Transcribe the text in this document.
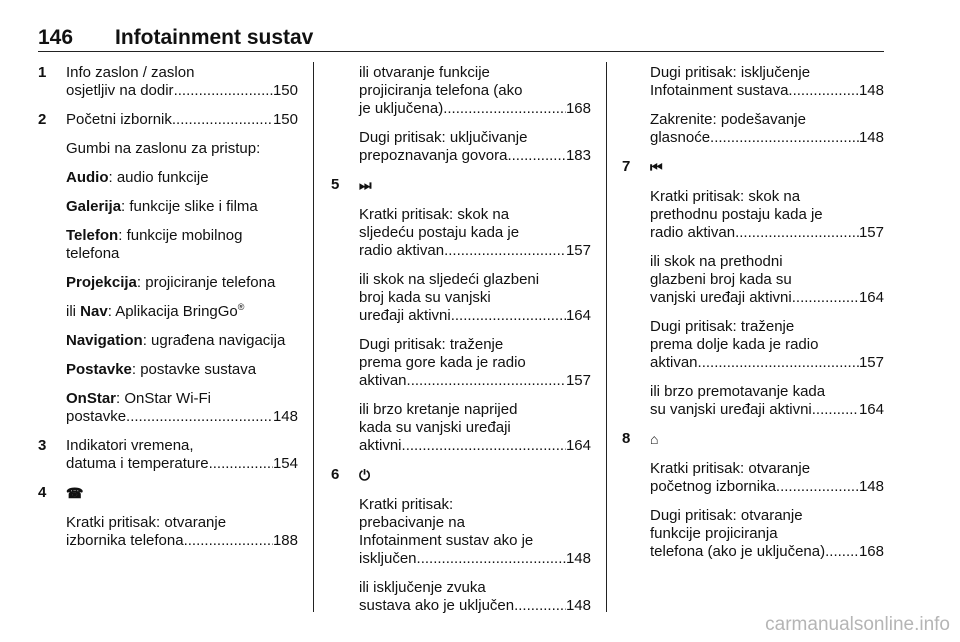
146 Infotainment sustav
1	Info zaslon / zaslon
osjetljiv na dodir .....	150
2	Početni izbornik .....	150
Gumbi na zaslonu za pristup:
Audio: audio funkcije
Galerija: funkcije slike i filma
Telefon: funkcije mobilnog
telefona
Projekcija: projiciranje telefona
ili Nav: Aplikacija BringGo®
Navigation: ugrađena navigacija
Postavke: postavke sustava
OnStar: OnStar Wi-Fi
postavke .....	148
3	Indikatori vremena,
datuma i temperature .....	154
4	☎
Kratki pritisak: otvaranje
izbornika telefona .....	188
ili otvaranje funkcije
projiciranja telefona (ako
je uključena) .....	168
Dugi pritisak: uključivanje
prepoznavanja govora .....	183
5	⏭
Kratki pritisak: skok na
sljedeću postaju kada je
radio aktivan .....	157
ili skok na sljedeći glazbeni
broj kada su vanjski
uređaji aktivni .....	164
Dugi pritisak: traženje
prema gore kada je radio
aktivan .....	157
ili brzo kretanje naprijed
kada su vanjski uređaji
aktivni .....	164
6	⏻
Kratki pritisak:
prebacivanje na
Infotainment sustav ako je
isključen .....	148
ili isključenje zvuka
sustava ako je uključen .....	148
Dugi pritisak: isključenje
Infotainment sustava .....	148
Zakrenite: podešavanje
glasnoće .....	148
7	⏮
Kratki pritisak: skok na
prethodnu postaju kada je
radio aktivan .....	157
ili skok na prethodni
glazbeni broj kada su
vanjski uređaji aktivni .....	164
Dugi pritisak: traženje
prema dolje kada je radio
aktivan .....	157
ili brzo premotavanje kada
su vanjski uređaji aktivni .....	164
8	⌂
Kratki pritisak: otvaranje
početnog izbornika .....	148
Dugi pritisak: otvaranje
funkcije projiciranja
telefona (ako je uključena) ..... 168
carmanualsonline.info
